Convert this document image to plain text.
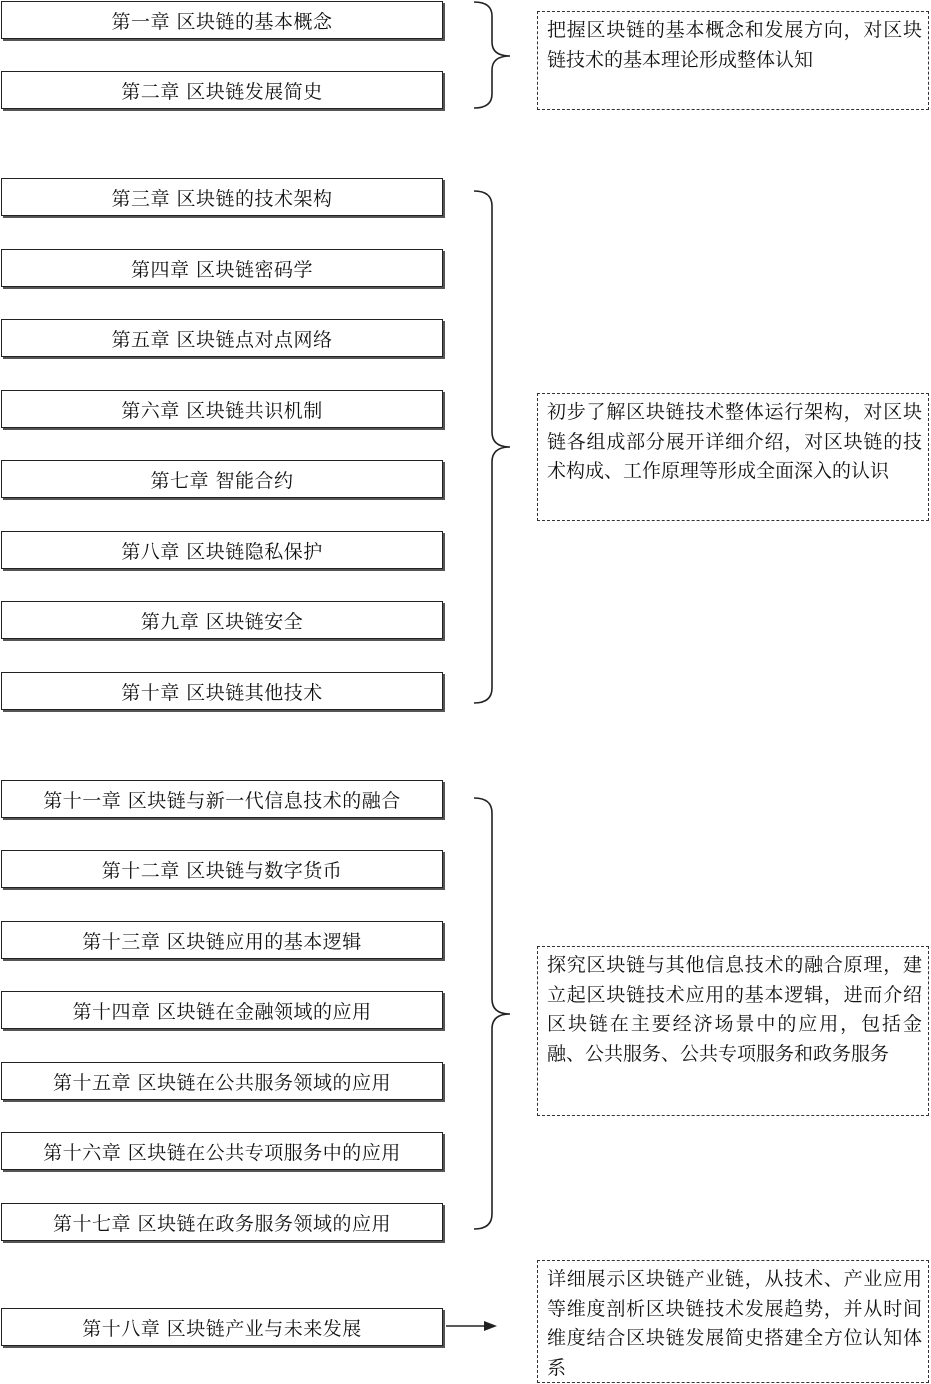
第一章 区块链的基本概念
第二章 区块链发展简史
第三章 区块链的技术架构
第四章 区块链密码学
第五章 区块链点对点网络
第六章 区块链共识机制
第七章 智能合约
第八章 区块链隐私保护
第九章 区块链安全
第十章 区块链其他技术
第十一章 区块链与新一代信息技术的融合
第十二章 区块链与数字货币
第十三章 区块链应用的基本逻辑
第十四章 区块链在金融领域的应用
第十五章 区块链在公共服务领域的应用
第十六章 区块链在公共专项服务中的应用
第十七章 区块链在政务服务领域的应用
第十八章 区块链产业与未来发展
把握区块链的基本概念和发展方向，对区块链技术的基本理论形成整体认知
初步了解区块链技术整体运行架构，对区块链各组成部分展开详细介绍，对区块链的技术构成、工作原理等形成全面深入的认识
探究区块链与其他信息技术的融合原理，建立起区块链技术应用的基本逻辑，进而介绍区块链在主要经济场景中的应用，包括金融、公共服务、公共专项服务和政务服务
详细展示区块链产业链，从技术、产业应用等维度剖析区块链技术发展趋势，并从时间维度结合区块链发展简史搭建全方位认知体系
